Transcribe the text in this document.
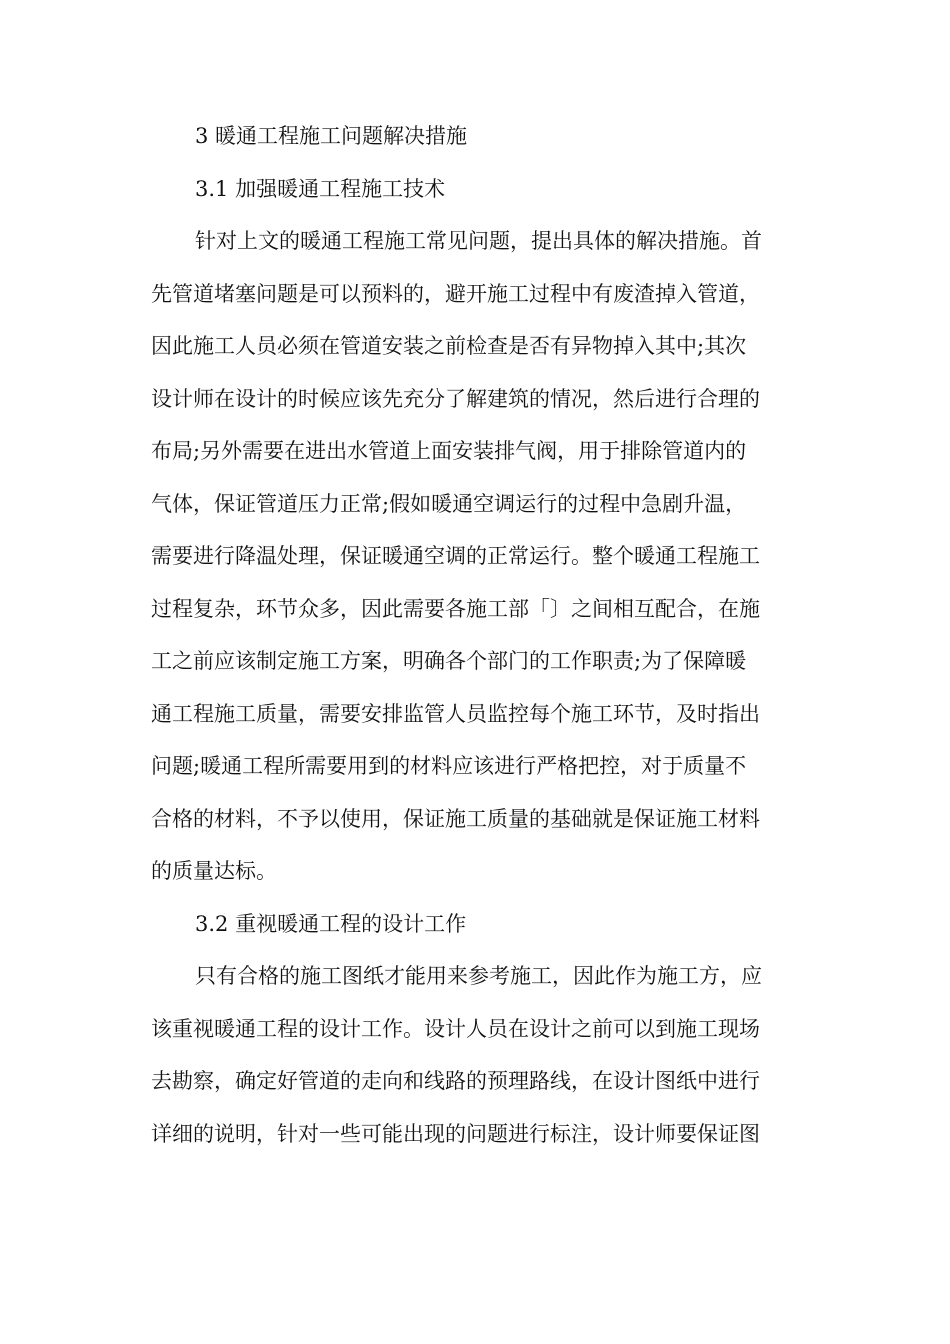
3 暖通工程施工问题解决措施
3.1 加强暖通工程施工技术
针对上文的暖通工程施工常见问题，提出具体的解决措施。首
先管道堵塞问题是可以预料的，避开施工过程中有废渣掉入管道，
因此施工人员必须在管道安装之前检查是否有异物掉入其中;其次
设计师在设计的时候应该先充分了解建筑的情况，然后进行合理的
布局;另外需要在进出水管道上面安装排气阀，用于排除管道内的
气体，保证管道压力正常;假如暖通空调运行的过程中急剧升温，
需要进行降温处理，保证暖通空调的正常运行。整个暖通工程施工
过程复杂，环节众多，因此需要各施工部「〕之间相互配合，在施
工之前应该制定施工方案，明确各个部门的工作职责;为了保障暖
通工程施工质量，需要安排监管人员监控每个施工环节，及时指出
问题;暖通工程所需要用到的材料应该进行严格把控，对于质量不
合格的材料，不予以使用，保证施工质量的基础就是保证施工材料
的质量达标。
3.2 重视暖通工程的设计工作
只有合格的施工图纸才能用来参考施工，因此作为施工方，应
该重视暖通工程的设计工作。设计人员在设计之前可以到施工现场
去勘察，确定好管道的走向和线路的预理路线，在设计图纸中进行
详细的说明，针对一些可能出现的问题进行标注，设计师要保证图
